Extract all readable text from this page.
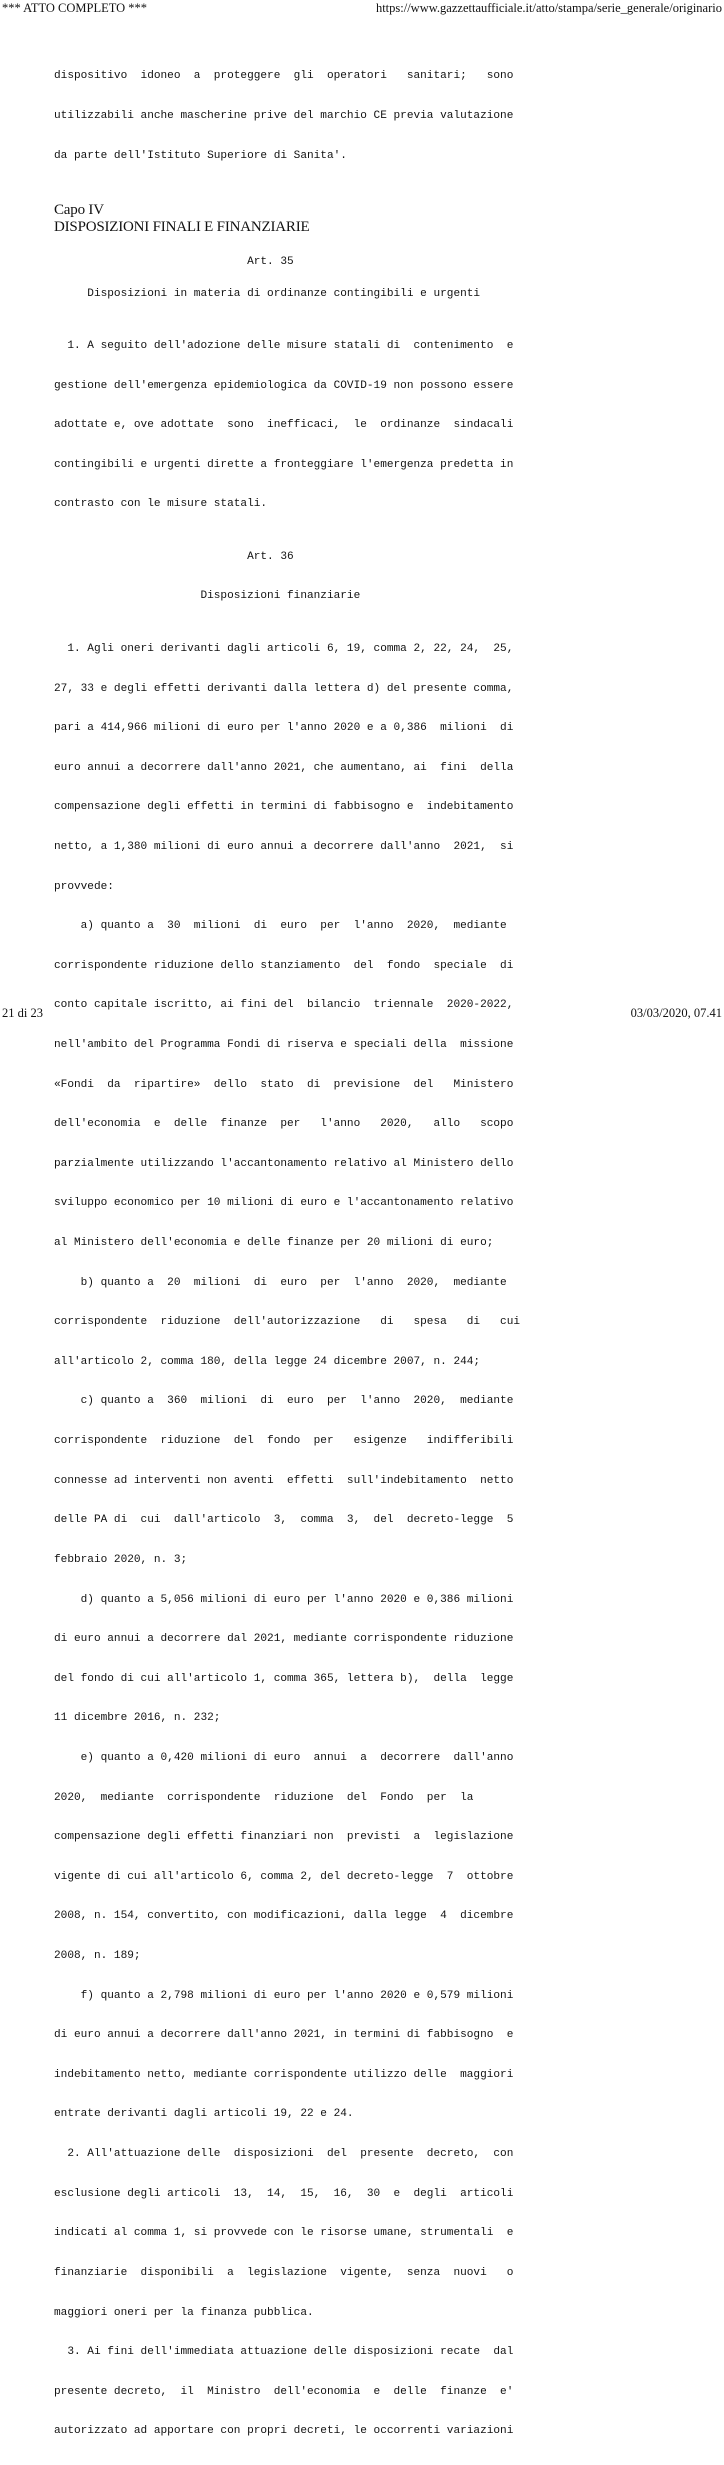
*** ATTO COMPLETO ***	https://www.gazzettaufficiale.it/atto/stampa/serie_generale/originario

dispositivo  idoneo  a  proteggere  gli  operatori   sanitari;   sono

utilizzabili anche mascherine prive del marchio CE previa valutazione

da parte dell'Istituto Superiore di Sanita'.

Capo IV
DISPOSIZIONI FINALI E FINANZIARIE
Art. 35
Disposizioni in materia di ordinanze contingibili e urgenti

1. A seguito dell'adozione delle misure statali di  contenimento  e

gestione dell'emergenza epidemiologica da COVID-19 non possono essere

adottate e, ove adottate  sono  inefficaci,  le  ordinanze  sindacali

contingibili e urgenti dirette a fronteggiare l'emergenza predetta in

contrasto con le misure statali.

Art. 36
Disposizioni finanziarie

1. Agli oneri derivanti dagli articoli 6, 19, comma 2, 22, 24,  25,

27, 33 e degli effetti derivanti dalla lettera d) del presente comma,

pari a 414,966 milioni di euro per l'anno 2020 e a 0,386  milioni  di

euro annui a decorrere dall'anno 2021, che aumentano, ai  fini  della

compensazione degli effetti in termini di fabbisogno e  indebitamento

netto, a 1,380 milioni di euro annui a decorrere dall'anno  2021,  si

provvede:

a) quanto a  30  milioni  di  euro  per  l'anno  2020,  mediante

corrispondente riduzione dello stanziamento  del  fondo  speciale  di

conto capitale iscritto, ai fini del  bilancio  triennale  2020-2022,

nell'ambito del Programma Fondi di riserva e speciali della  missione

«Fondi  da  ripartire»  dello  stato  di  previsione  del   Ministero

dell'economia  e  delle  finanze  per   l'anno   2020,   allo   scopo

parzialmente utilizzando l'accantonamento relativo al Ministero dello

sviluppo economico per 10 milioni di euro e l'accantonamento relativo

al Ministero dell'economia e delle finanze per 20 milioni di euro;

b) quanto a  20  milioni  di  euro  per  l'anno  2020,  mediante

corrispondente  riduzione  dell'autorizzazione   di   spesa   di   cui

all'articolo 2, comma 180, della legge 24 dicembre 2007, n. 244;

c) quanto a  360  milioni  di  euro  per  l'anno  2020,  mediante

corrispondente  riduzione  del  fondo  per   esigenze   indifferibili

connesse ad interventi non aventi  effetti  sull'indebitamento  netto

delle PA di  cui  dall'articolo  3,  comma  3,  del  decreto-legge  5

febbraio 2020, n. 3;

d) quanto a 5,056 milioni di euro per l'anno 2020 e 0,386 milioni

di euro annui a decorrere dal 2021, mediante corrispondente riduzione

del fondo di cui all'articolo 1, comma 365, lettera b),  della  legge

11 dicembre 2016, n. 232;

e) quanto a 0,420 milioni di euro  annui  a  decorrere  dall'anno

2020,  mediante  corrispondente  riduzione  del  Fondo  per  la

compensazione degli effetti finanziari non  previsti  a  legislazione

vigente di cui all'articolo 6, comma 2, del decreto-legge  7  ottobre

2008, n. 154, convertito, con modificazioni, dalla legge  4  dicembre

2008, n. 189;

f) quanto a 2,798 milioni di euro per l'anno 2020 e 0,579 milioni

di euro annui a decorrere dall'anno 2021, in termini di fabbisogno  e

indebitamento netto, mediante corrispondente utilizzo delle  maggiori

entrate derivanti dagli articoli 19, 22 e 24.

2. All'attuazione delle  disposizioni  del  presente  decreto,  con

esclusione degli articoli  13,  14,  15,  16,  30  e  degli  articoli

indicati al comma 1, si provvede con le risorse umane, strumentali  e

finanziarie  disponibili  a  legislazione  vigente,  senza  nuovi   o

maggiori oneri per la finanza pubblica.

3. Ai fini dell'immediata attuazione delle disposizioni recate  dal

presente decreto,  il  Ministro  dell'economia  e  delle  finanze  e'

autorizzato ad apportare con propri decreti, le occorrenti variazioni

21 di 23	03/03/2020, 07.41
